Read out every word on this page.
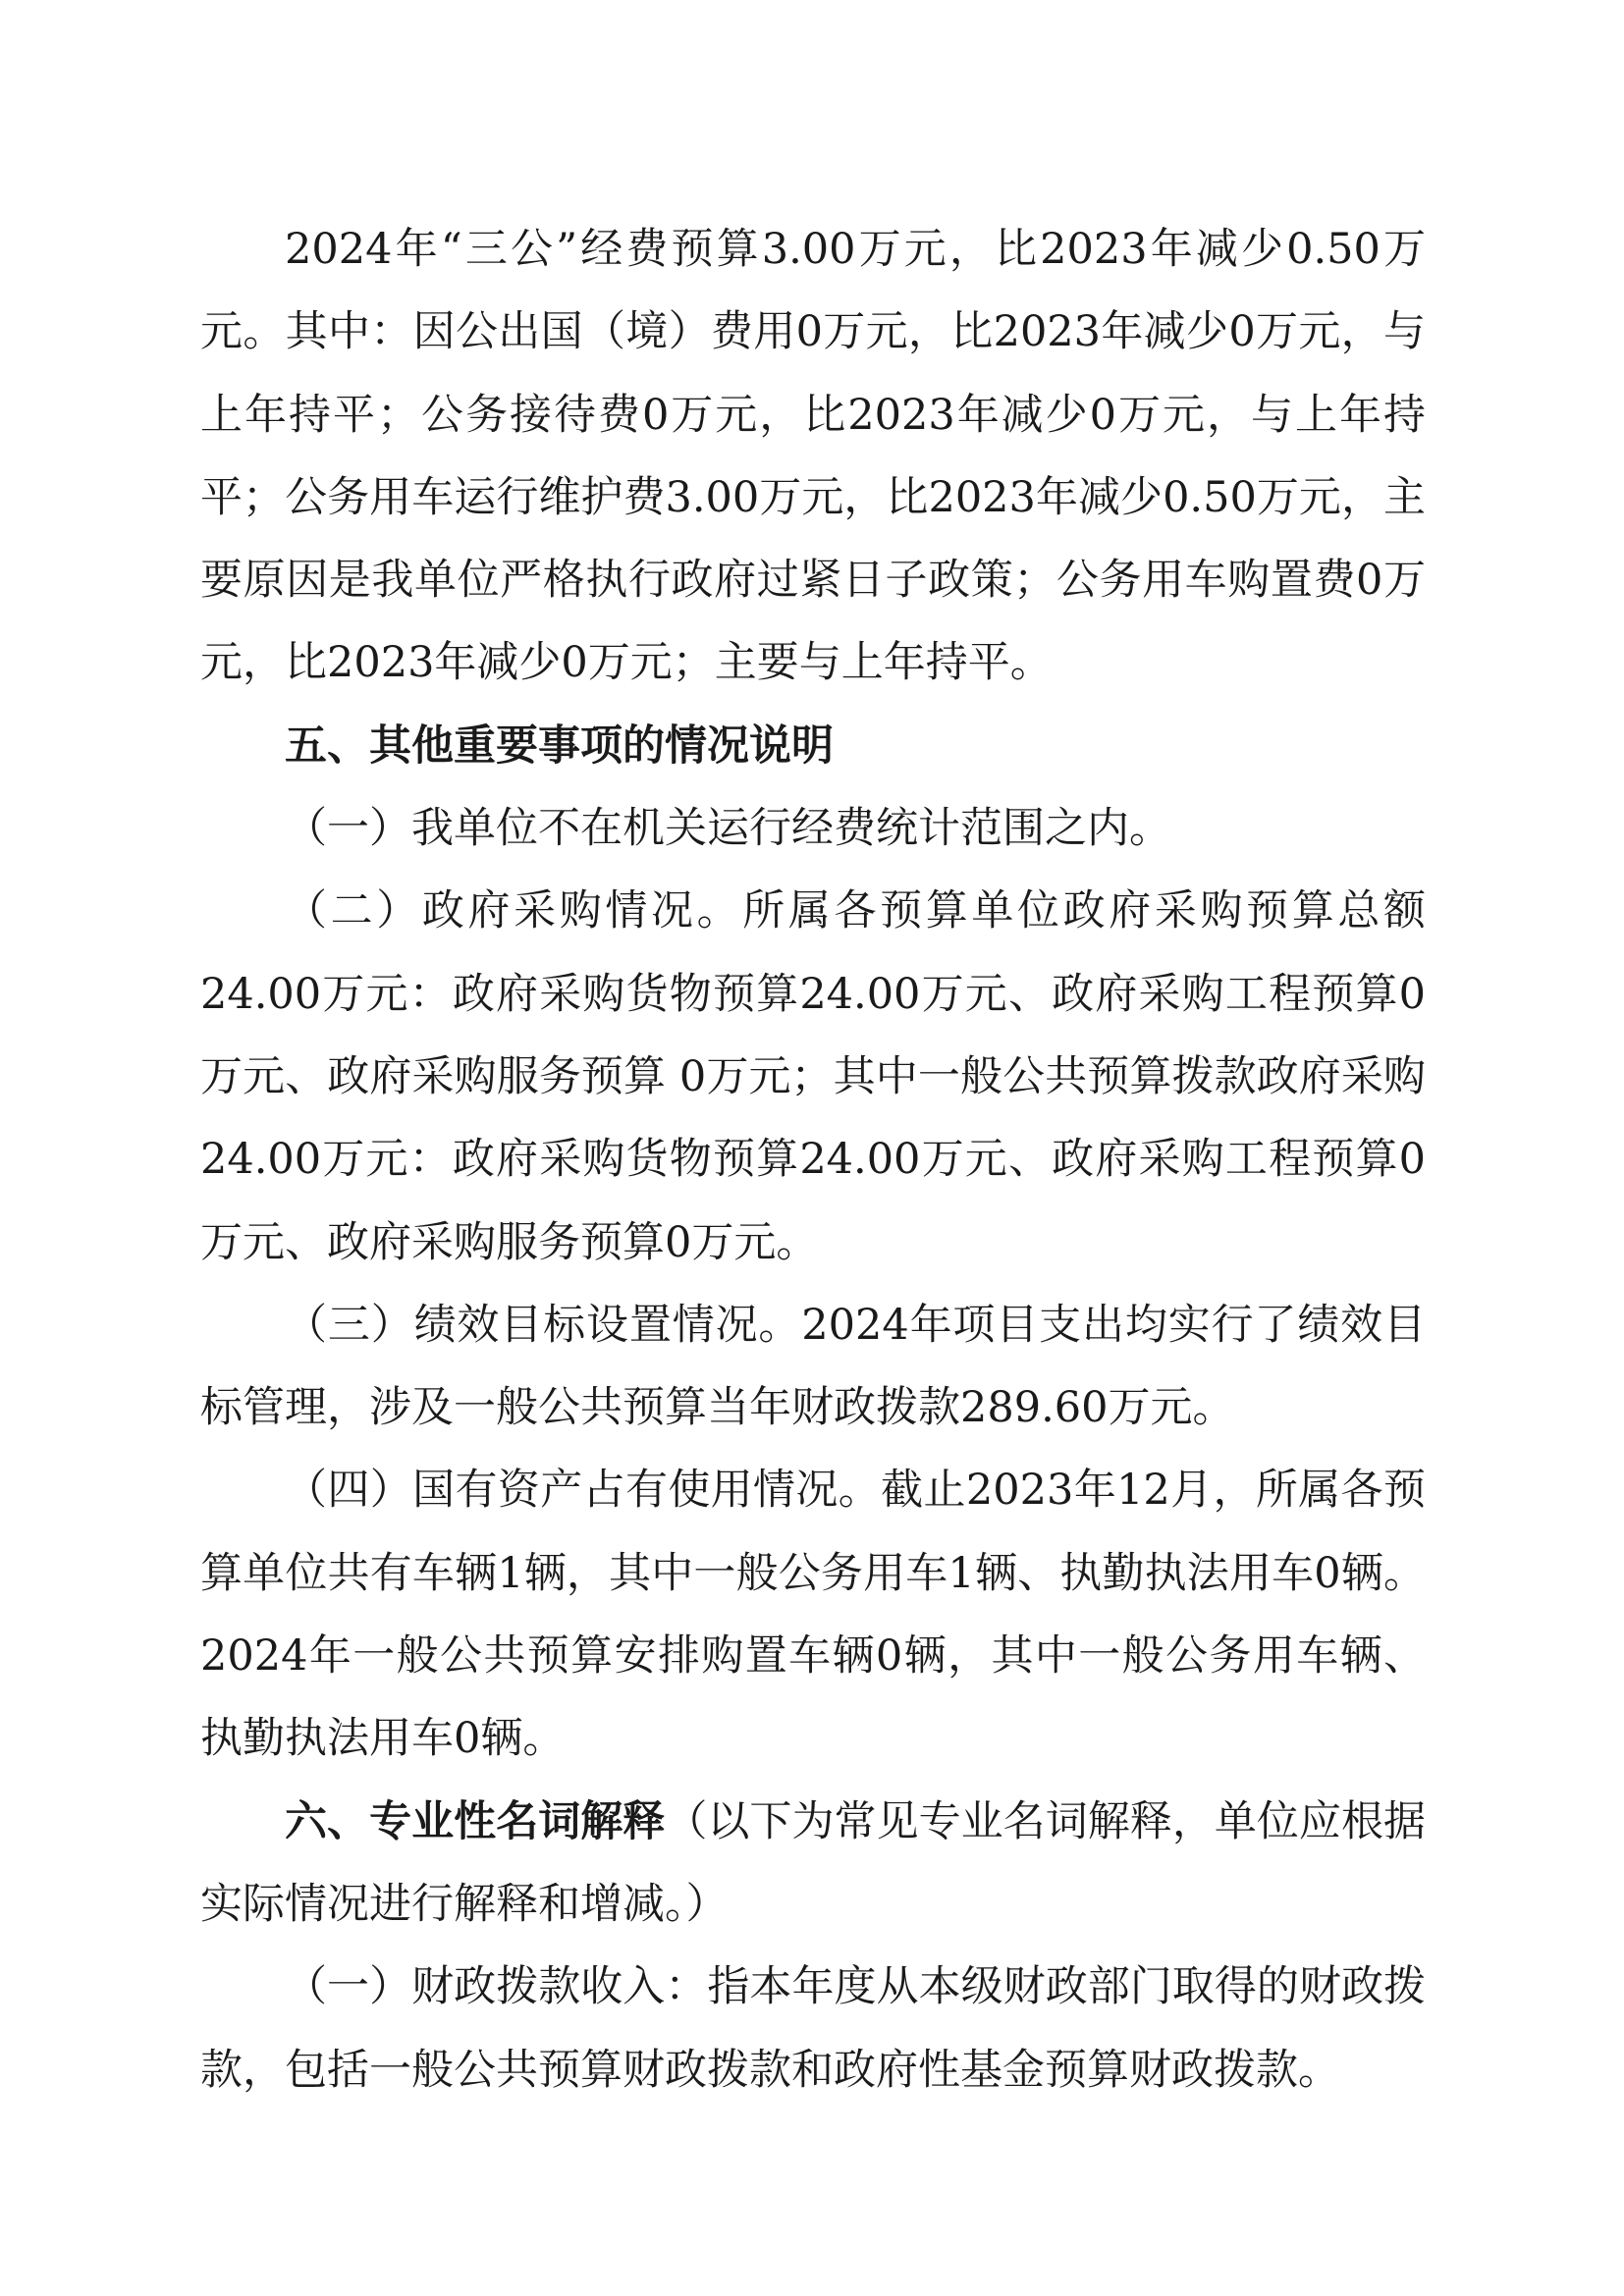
2024年“三公”经费预算3.00万元，比2023年减少0.50万元。其中：因公出国（境）费用0万元，比2023年减少0万元，与上年持平；公务接待费0万元，比2023年减少0万元，与上年持平；公务用车运行维护费3.00万元，比2023年减少0.50万元，主要原因是我单位严格执行政府过紧日子政策；公务用车购置费0万元，比2023年减少0万元；主要与上年持平。

五、其他重要事项的情况说明

（一）我单位不在机关运行经费统计范围之内。

（二）政府采购情况。所属各预算单位政府采购预算总额24.00万元：政府采购货物预算24.00万元、政府采购工程预算0万元、政府采购服务预算 0万元；其中一般公共预算拨款政府采购24.00万元：政府采购货物预算24.00万元、政府采购工程预算0万元、政府采购服务预算0万元。

（三）绩效目标设置情况。2024年项目支出均实行了绩效目标管理，涉及一般公共预算当年财政拨款289.60万元。

（四）国有资产占有使用情况。截止2023年12月，所属各预算单位共有车辆1辆，其中一般公务用车1辆、执勤执法用车0辆。2024年一般公共预算安排购置车辆0辆，其中一般公务用车辆、执勤执法用车0辆。

六、专业性名词解释（以下为常见专业名词解释，单位应根据实际情况进行解释和增减。）

（一）财政拨款收入：指本年度从本级财政部门取得的财政拨款，包括一般公共预算财政拨款和政府性基金预算财政拨款。
